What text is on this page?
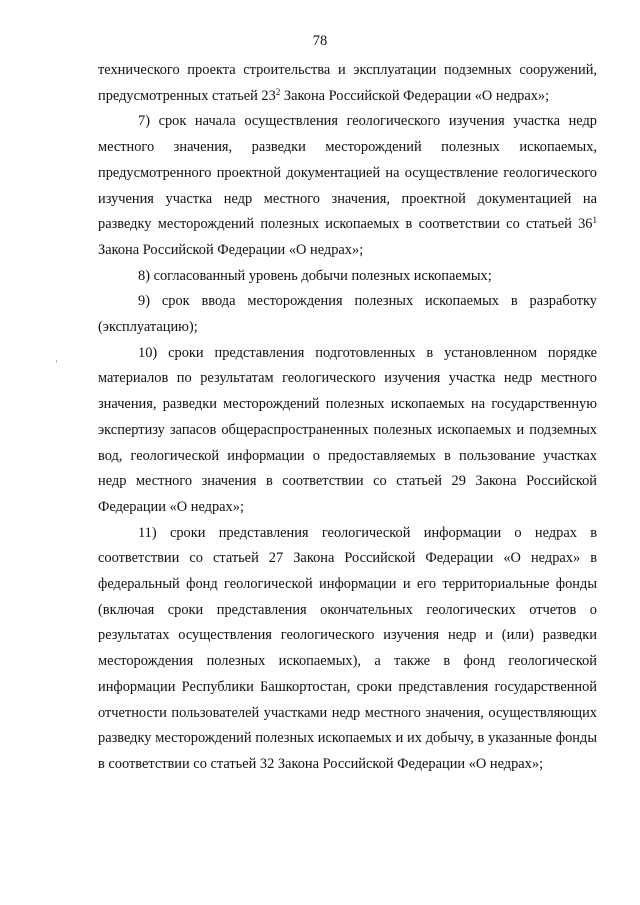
78

технического проекта строительства и эксплуатации подземных сооружений, предусмотренных статьей $23^2$ Закона Российской Федерации «О недрах»;

7) срок начала осуществления геологического изучения участка недр местного значения, разведки месторождений полезных ископаемых, предусмотренного проектной документацией на осуществление геологического изучения участка недр местного значения, проектной документацией на разведку месторождений полезных ископаемых в соответствии со статьей $36^1$ Закона Российской Федерации «О недрах»;

8) согласованный уровень добычи полезных ископаемых;

9) срок ввода месторождения полезных ископаемых в разработку (эксплуатацию);

10) сроки представления подготовленных в установленном порядке материалов по результатам геологического изучения участка недр местного значения, разведки месторождений полезных ископаемых на государственную экспертизу запасов общераспространенных полезных ископаемых и подземных вод, геологической информации о предоставляемых в пользование участках недр местного значения в соответствии со статьей 29 Закона Российской Федерации «О недрах»;

11) сроки представления геологической информации о недрах в соответствии со статьей 27 Закона Российской Федерации «О недрах» в федеральный фонд геологической информации и его территориальные фонды (включая сроки представления окончательных геологических отчетов о результатах осуществления геологического изучения недр и (или) разведки месторождения полезных ископаемых), а также в фонд геологической информации Республики Башкортостан, сроки представления государственной отчетности пользователей участками недр местного значения, осуществляющих разведку месторождений полезных ископаемых и их добычу, в указанные фонды в соответствии со статьей 32 Закона Российской Федерации «О недрах»;
